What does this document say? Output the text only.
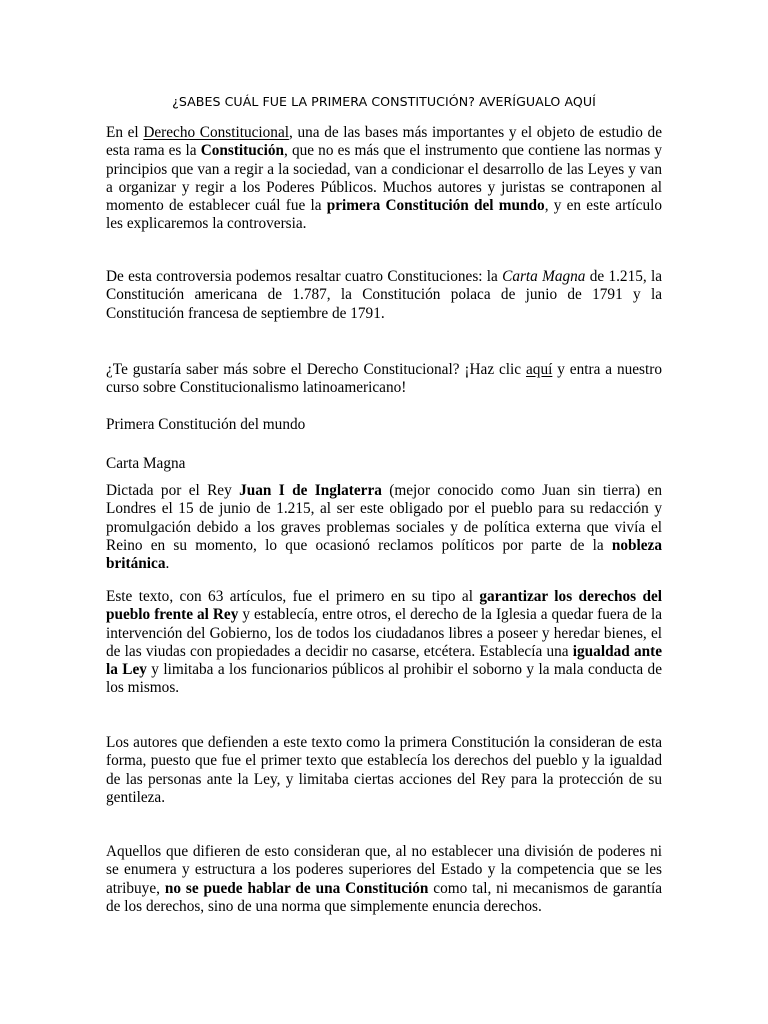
¿SABES CUÁL FUE LA PRIMERA CONSTITUCIÓN? AVERÍGUALO AQUÍ

En el Derecho Constitucional, una de las bases más importantes y el objeto de estudio de esta rama es la Constitución, que no es más que el instrumento que contiene las normas y principios que van a regir a la sociedad, van a condicionar el desarrollo de las Leyes y van a organizar y regir a los Poderes Públicos. Muchos autores y juristas se contraponen al momento de establecer cuál fue la primera Constitución del mundo, y en este artículo les explicaremos la controversia.

De esta controversia podemos resaltar cuatro Constituciones: la Carta Magna de 1.215, la Constitución americana de 1.787, la Constitución polaca de junio de 1791 y la Constitución francesa de septiembre de 1791.

¿Te gustaría saber más sobre el Derecho Constitucional? ¡Haz clic aquí y entra a nuestro curso sobre Constitucionalismo latinoamericano!

Primera Constitución del mundo

Carta Magna

Dictada por el Rey Juan I de Inglaterra (mejor conocido como Juan sin tierra) en Londres el 15 de junio de 1.215, al ser este obligado por el pueblo para su redacción y promulgación debido a los graves problemas sociales y de política externa que vivía el Reino en su momento, lo que ocasionó reclamos políticos por parte de la nobleza británica.

Este texto, con 63 artículos, fue el primero en su tipo al garantizar los derechos del pueblo frente al Rey y establecía, entre otros, el derecho de la Iglesia a quedar fuera de la intervención del Gobierno, los de todos los ciudadanos libres a poseer y heredar bienes, el de las viudas con propiedades a decidir no casarse, etcétera. Establecía una igualdad ante la Ley y limitaba a los funcionarios públicos al prohibir el soborno y la mala conducta de los mismos.

Los autores que defienden a este texto como la primera Constitución la consideran de esta forma, puesto que fue el primer texto que establecía los derechos del pueblo y la igualdad de las personas ante la Ley, y limitaba ciertas acciones del Rey para la protección de su gentileza.

Aquellos que difieren de esto consideran que, al no establecer una división de poderes ni se enumera y estructura a los poderes superiores del Estado y la competencia que se les atribuye, no se puede hablar de una Constitución como tal, ni mecanismos de garantía de los derechos, sino de una norma que simplemente enuncia derechos.
